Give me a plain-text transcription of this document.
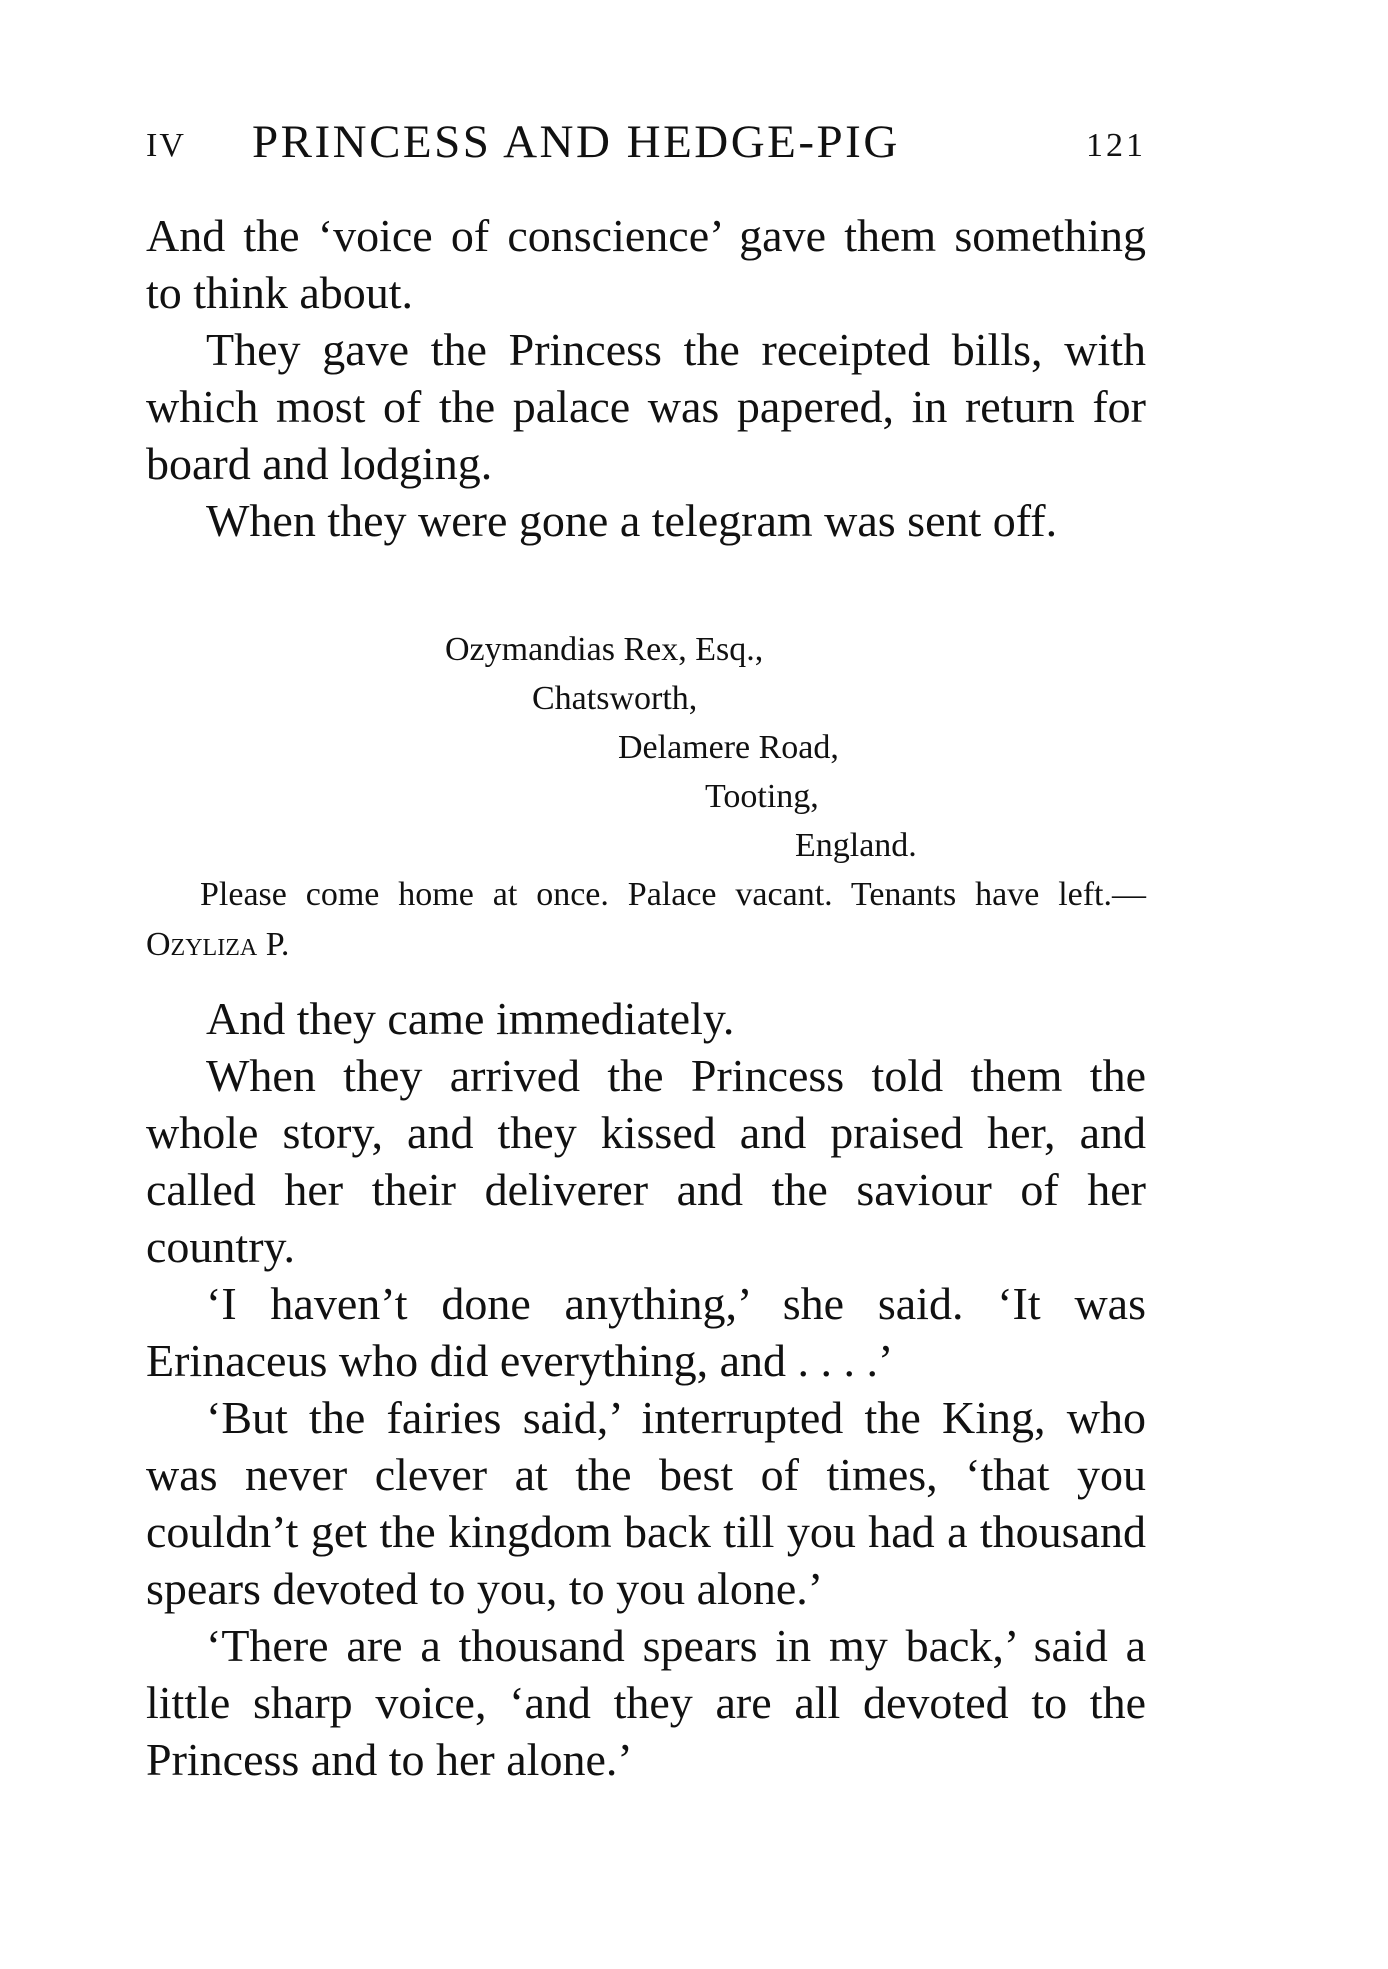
IV PRINCESS AND HEDGE-PIG	121

And the ‘voice of conscience’ gave them something to think about.

They gave the Princess the receipted bills, with which most of the palace was papered, in return for board and lodging.

When they were gone a telegram was sent off.

Ozymandias Rex, Esq.,
Chatsworth,
Delamere Road,
Tooting,
England.

Please come home at once. Palace vacant. Tenants have left.—Ozyliza P.

And they came immediately.

When they arrived the Princess told them the whole story, and they kissed and praised her, and called her their deliverer and the saviour of her country.

‘I haven’t done anything,’ she said. ‘It was Erinaceus who did everything, and . . . .’

‘But the fairies said,’ interrupted the King, who was never clever at the best of times, ‘that you couldn’t get the kingdom back till you had a thousand spears devoted to you, to you alone.’

‘There are a thousand spears in my back,’ said a little sharp voice, ‘and they are all devoted to the Princess and to her alone.’
